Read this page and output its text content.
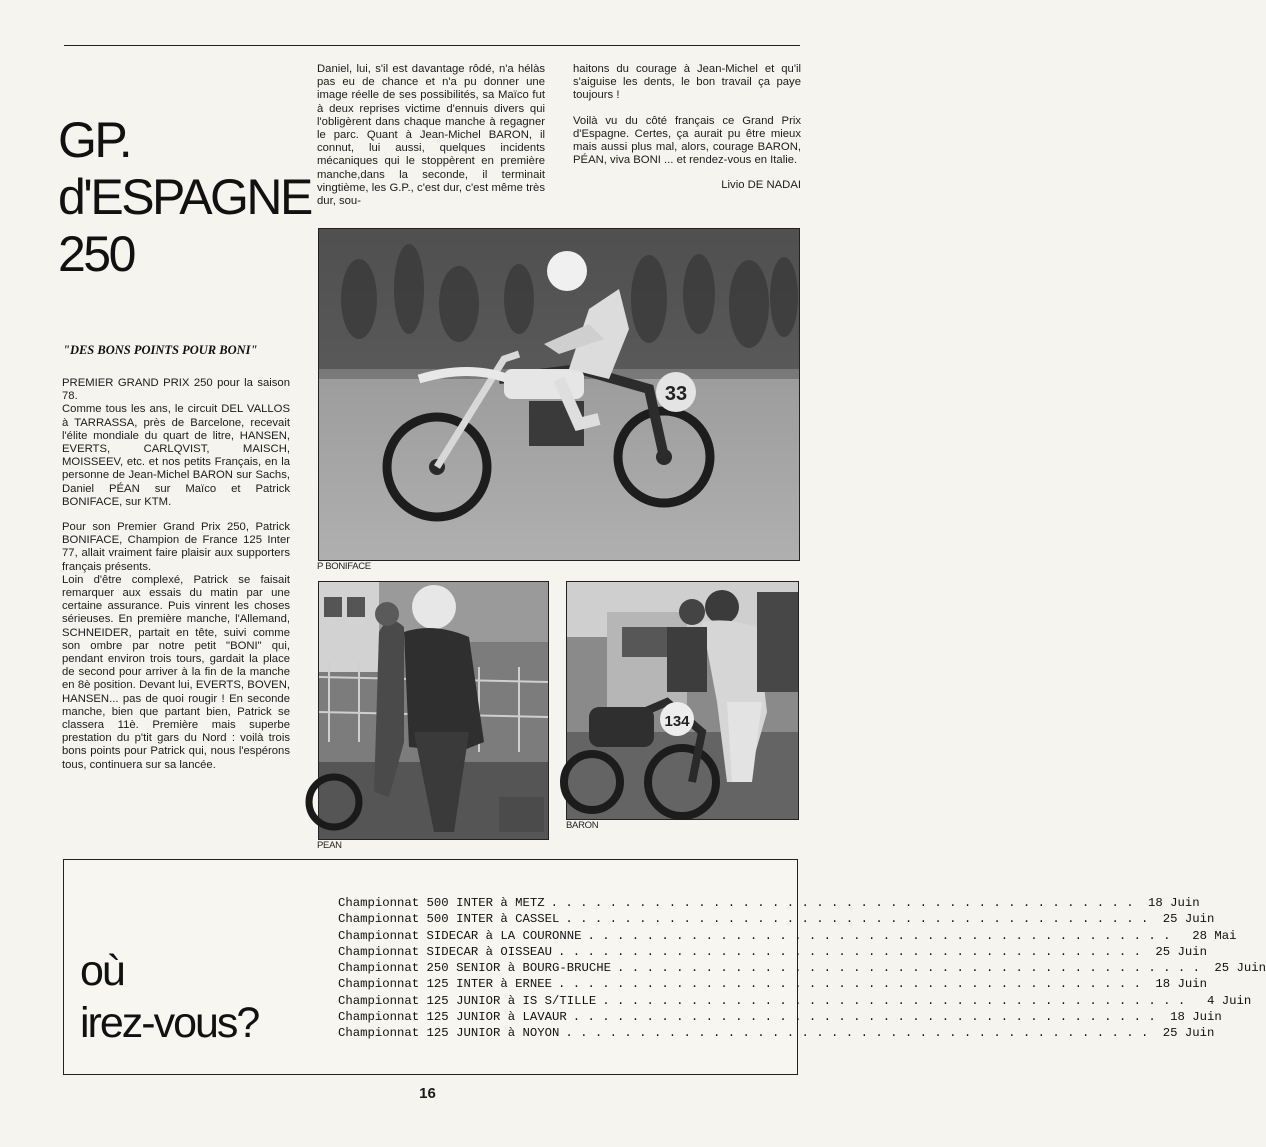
GP.
d'ESPAGNE
250
"DES BONS POINTS POUR BONI"

PREMIER GRAND PRIX 250 pour la saison 78.
Comme tous les ans, le circuit DEL VALLOS à TARRASSA, près de Barcelone, recevait l'élite mondiale du quart de litre, HANSEN, EVERTS, CARLQVIST, MAISCH, MOISSEEV, etc. et nos petits Français, en la personne de Jean-Michel BARON sur Sachs, Daniel PÉAN sur Maïco et Patrick BONIFACE, sur KTM.

Pour son Premier Grand Prix 250, Patrick BONIFACE, Champion de France 125 Inter 77, allait vraiment faire plaisir aux supporters français présents.

Loin d'être complexé, Patrick se faisait remarquer aux essais du matin par une certaine assurance. Puis vinrent les choses sérieuses. En première manche, l'Allemand, SCHNEIDER, partait en tête, suivi comme son ombre par notre petit "BONI" qui, pendant environ trois tours, gardait la place de second pour arriver à la fin de la manche en 8è position. Devant lui, EVERTS, BOVEN, HANSEN... pas de quoi rougir ! En seconde manche, bien que partant bien, Patrick se classera 11è. Première mais superbe prestation du p'tit gars du Nord : voilà trois bons points pour Patrick qui, nous l'espérons tous, continuera sur sa lancée.

Daniel, lui, s'il est davantage rôdé, n'a hélàs pas eu de chance et n'a pu donner une image réelle de ses possibilités, sa Maïco fut à deux reprises victime d'ennuis divers qui l'obligèrent dans chaque manche à regagner le parc. Quant à Jean-Michel BARON, il connut, lui aussi, quelques incidents mécaniques qui le stoppèrent en première manche,dans la seconde, il terminait vingtième, les G.P., c'est dur, c'est même très dur, sou-

haitons du courage à Jean-Michel et qu'il s'aiguise les dents, le bon travail ça paye toujours !

Voilà vu du côté français ce Grand Prix d'Espagne. Certes, ça aurait pu être mieux mais aussi plus mal, alors, courage BARON, PÉAN, viva BONI ... et rendez-vous en Italie.

Livio DE NADAI
33
P BONIFACE
PEAN
134
BARON
où
irez-vous?
Championnat 500 INTER à METZ . . . . . . . . . . . . . . . . . . . . . . . . . . . . . . . . . . . . . . . .	18 Juin
Championnat 500 INTER à CASSEL . . . . . . . . . . . . . . . . . . . . . . . . . . . . . . . . . . . . . . . .	25 Juin
Championnat SIDECAR à LA COURONNE . . . . . . . . . . . . . . . . . . . . . . . . . . . . . . . . . . . . . . . .	28 Mai
Championnat SIDECAR à OISSEAU . . . . . . . . . . . . . . . . . . . . . . . . . . . . . . . . . . . . . . . .	25 Juin
Championnat 250 SENIOR à BOURG-BRUCHE . . . . . . . . . . . . . . . . . . . . . . . . . . . . . . . . . . . . . . . .	25 Juin
Championnat 125 INTER à ERNEE . . . . . . . . . . . . . . . . . . . . . . . . . . . . . . . . . . . . . . . .	18 Juin
Championnat 125 JUNIOR à IS S/TILLE . . . . . . . . . . . . . . . . . . . . . . . . . . . . . . . . . . . . . . . .	4 Juin
Championnat 125 JUNIOR à LAVAUR . . . . . . . . . . . . . . . . . . . . . . . . . . . . . . . . . . . . . . . .	18 Juin
Championnat 125 JUNIOR à NOYON . . . . . . . . . . . . . . . . . . . . . . . . . . . . . . . . . . . . . . . .	25 Juin
16
